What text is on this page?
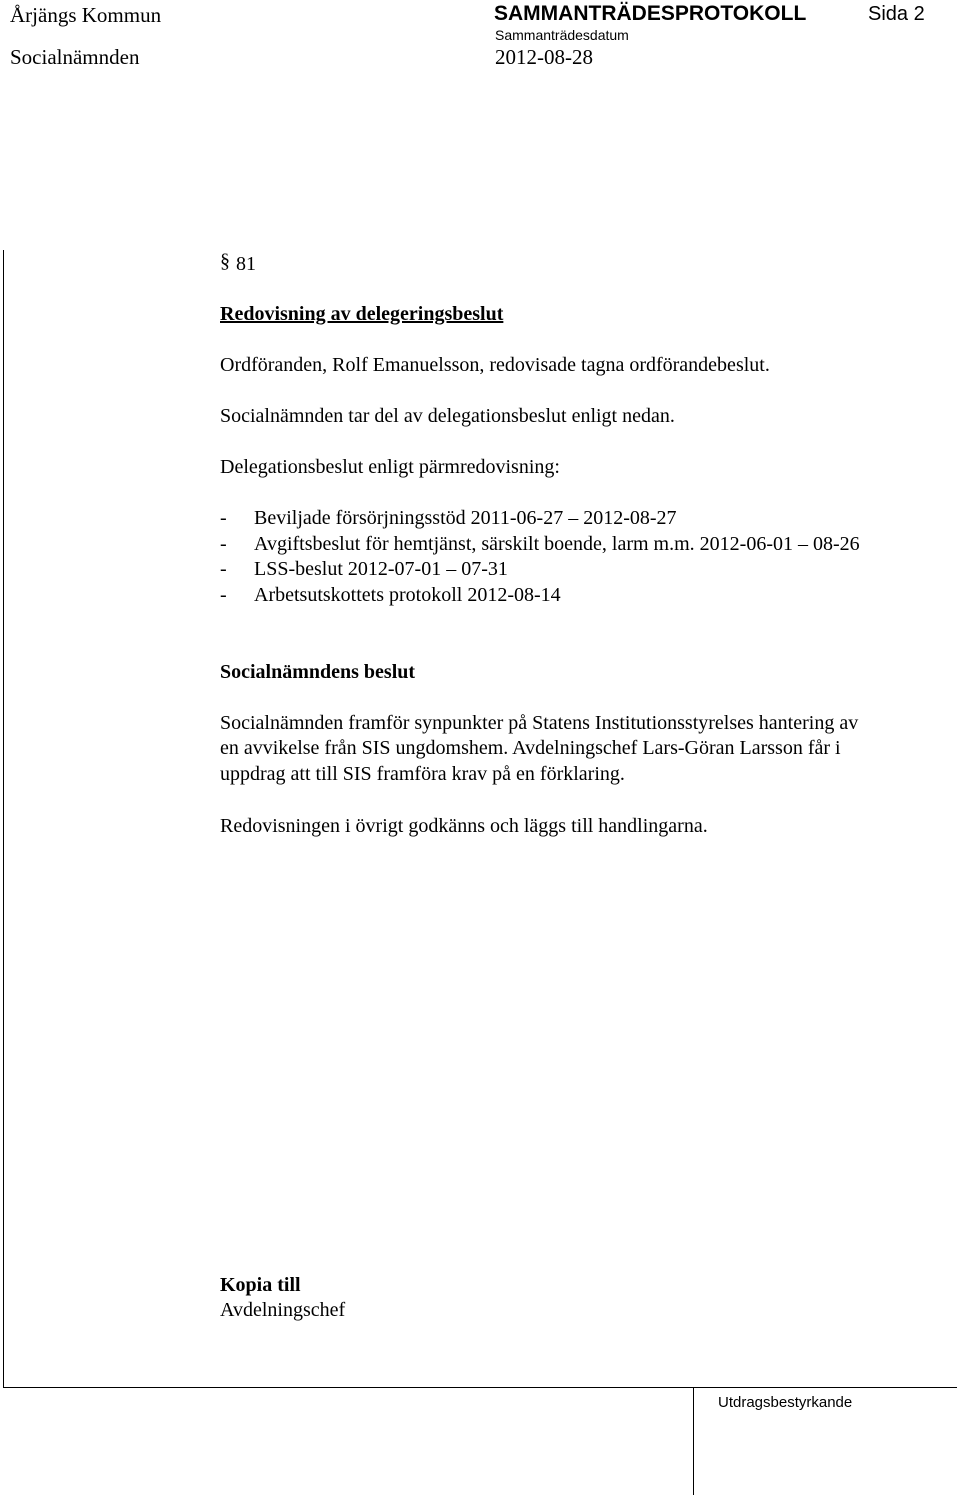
Årjängs Kommun	SAMMANTRÄDESPROTOKOLL	Sida 2
Socialnämnden
Sammanträdesdatum
2012-08-28
§ 81
Redovisning av delegeringsbeslut
Ordföranden, Rolf Emanuelsson, redovisade tagna ordförandebeslut.
Socialnämnden tar del av delegationsbeslut enligt nedan.
Delegationsbeslut enligt pärmredovisning:
- Beviljade försörjningsstöd 2011-06-27 – 2012-08-27
- Avgiftsbeslut för hemtjänst, särskilt boende, larm m.m. 2012-06-01 – 08-26
- LSS-beslut 2012-07-01 – 07-31
- Arbetsutskottets protokoll 2012-08-14
Socialnämndens beslut
Socialnämnden framför synpunkter på Statens Institutionsstyrelses hantering av
en avvikelse från SIS ungdomshem. Avdelningschef Lars-Göran Larsson får i
uppdrag att till SIS framföra krav på en förklaring.
Redovisningen i övrigt godkänns och läggs till handlingarna.
Kopia till
Avdelningschef
Utdragsbestyrkande
